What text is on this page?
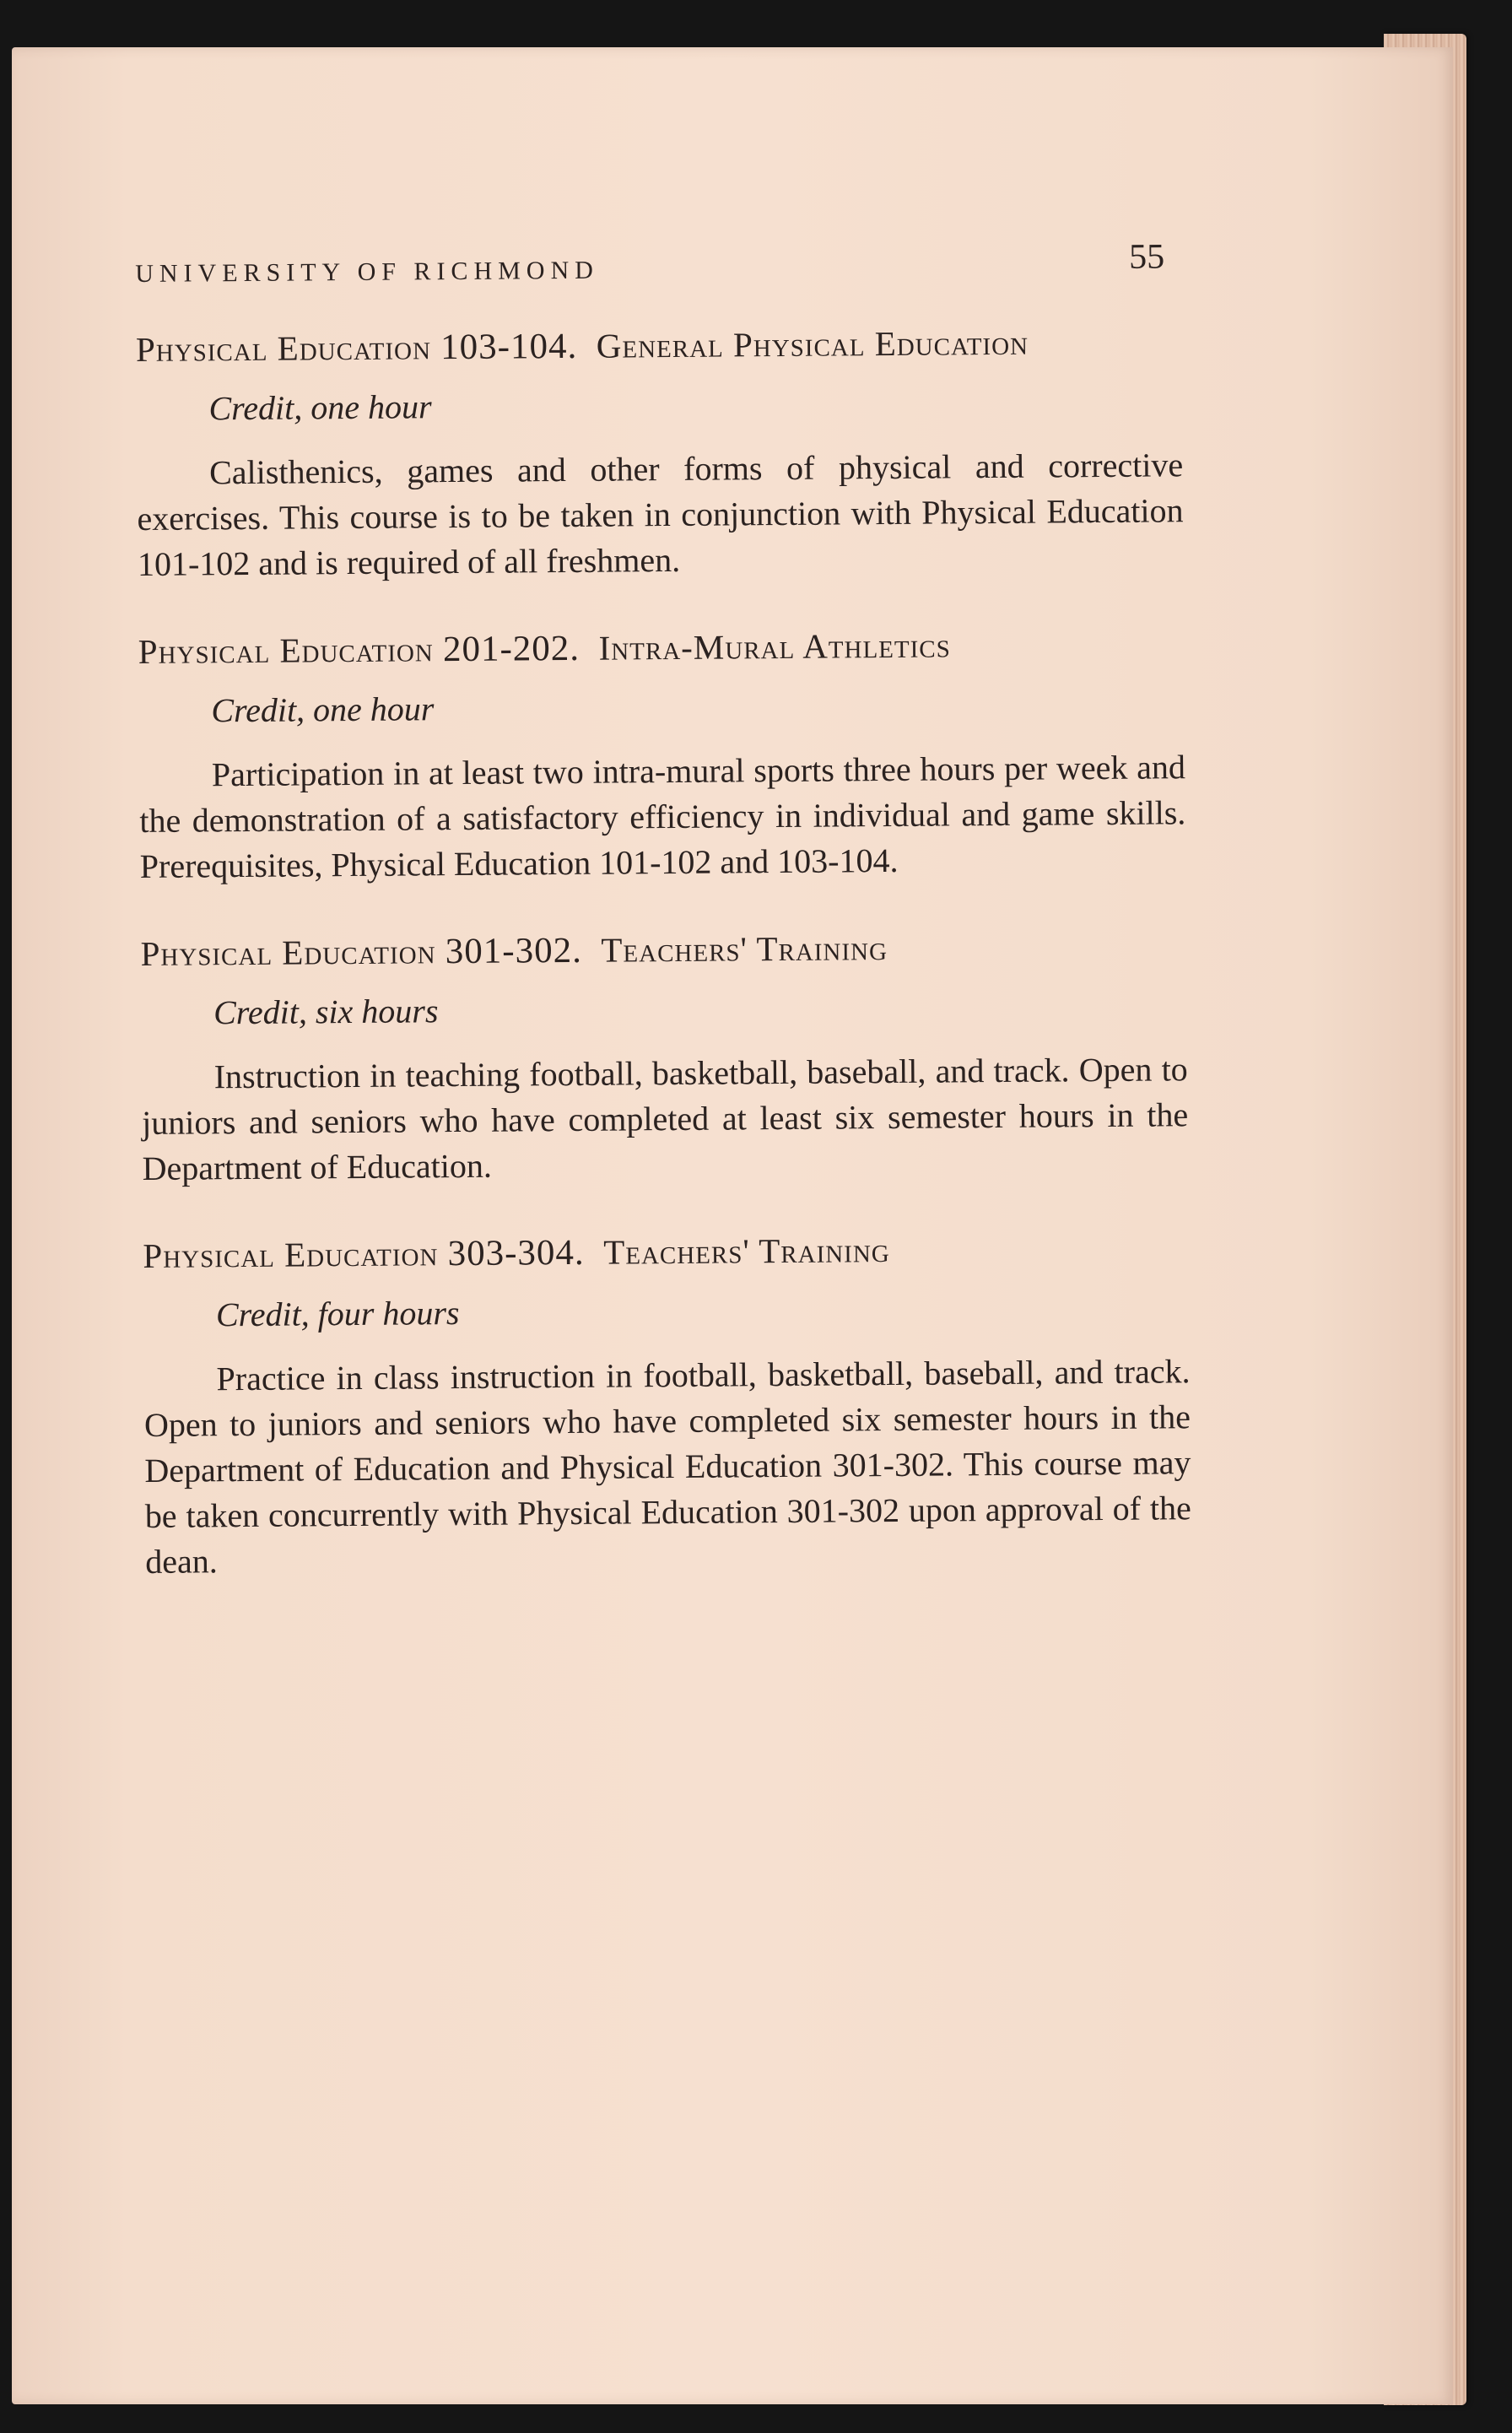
UNIVERSITY OF RICHMOND	55
Physical Education 103-104. General Physical Education
Credit, one hour

Calisthenics, games and other forms of physical and corrective exercises. This course is to be taken in conjunction with Physical Education 101-102 and is required of all freshmen.

Physical Education 201-202. Intra-Mural Athletics
Credit, one hour

Participation in at least two intra-mural sports three hours per week and the demonstration of a satisfactory efficiency in individual and game skills. Prerequisites, Physical Education 101-102 and 103-104.

Physical Education 301-302. Teachers' Training
Credit, six hours

Instruction in teaching football, basketball, baseball, and track. Open to juniors and seniors who have completed at least six semester hours in the Department of Education.

Physical Education 303-304. Teachers' Training
Credit, four hours

Practice in class instruction in football, basketball, baseball, and track. Open to juniors and seniors who have completed six semester hours in the Department of Education and Physical Education 301-302. This course may be taken concurrently with Physical Education 301-302 upon approval of the dean.
